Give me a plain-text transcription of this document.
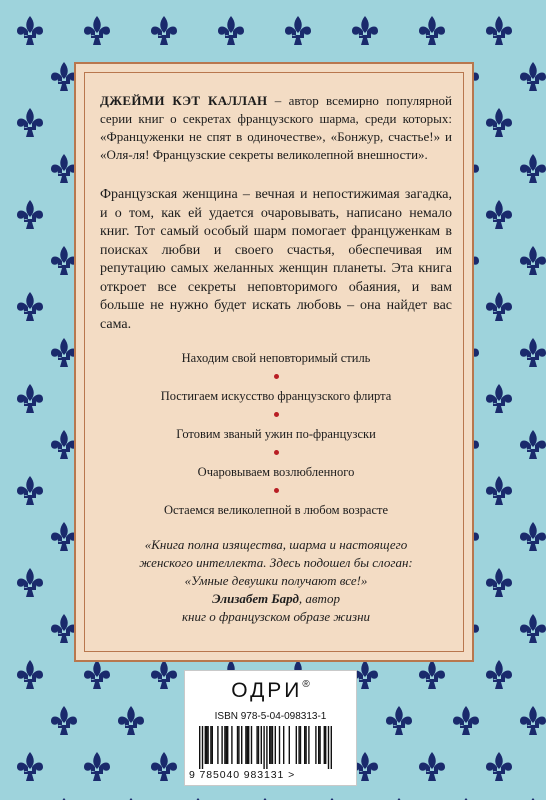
ДЖЕЙМИ КЭТ КАЛЛАН – автор всемирно популярной серии книг о секретах французского шарма, среди которых: «Француженки не спят в одиночестве», «Бонжур, счастье!» и «Оля-ля! Французские секреты великолепной внешности».

Французская женщина – вечная и непостижимая загадка, и о том, как ей удается очаровывать, написано немало книг. Тот самый особый шарм помогает француженкам в поисках любви и своего счастья, обеспечивая им репутацию самых желанных женщин планеты. Эта книга откроет все секреты неповторимого обаяния, и вам больше не нужно будет искать любовь – она найдет вас сама.

Находим свой неповторимый стиль
Постигаем искусство французского флирта
Готовим званый ужин по-французски
Очаровываем возлюбленного
Остаемся великолепной в любом возрасте

«Книга полна изящества, шарма и настоящего
женского интеллекта. Здесь подошел бы слоган:
«Умные девушки получают все!»
Элизабет Бард, автор
книг о французском образе жизни

ОДРИ®
ISBN 978-5-04-098313-1
9 785040 983131 >
